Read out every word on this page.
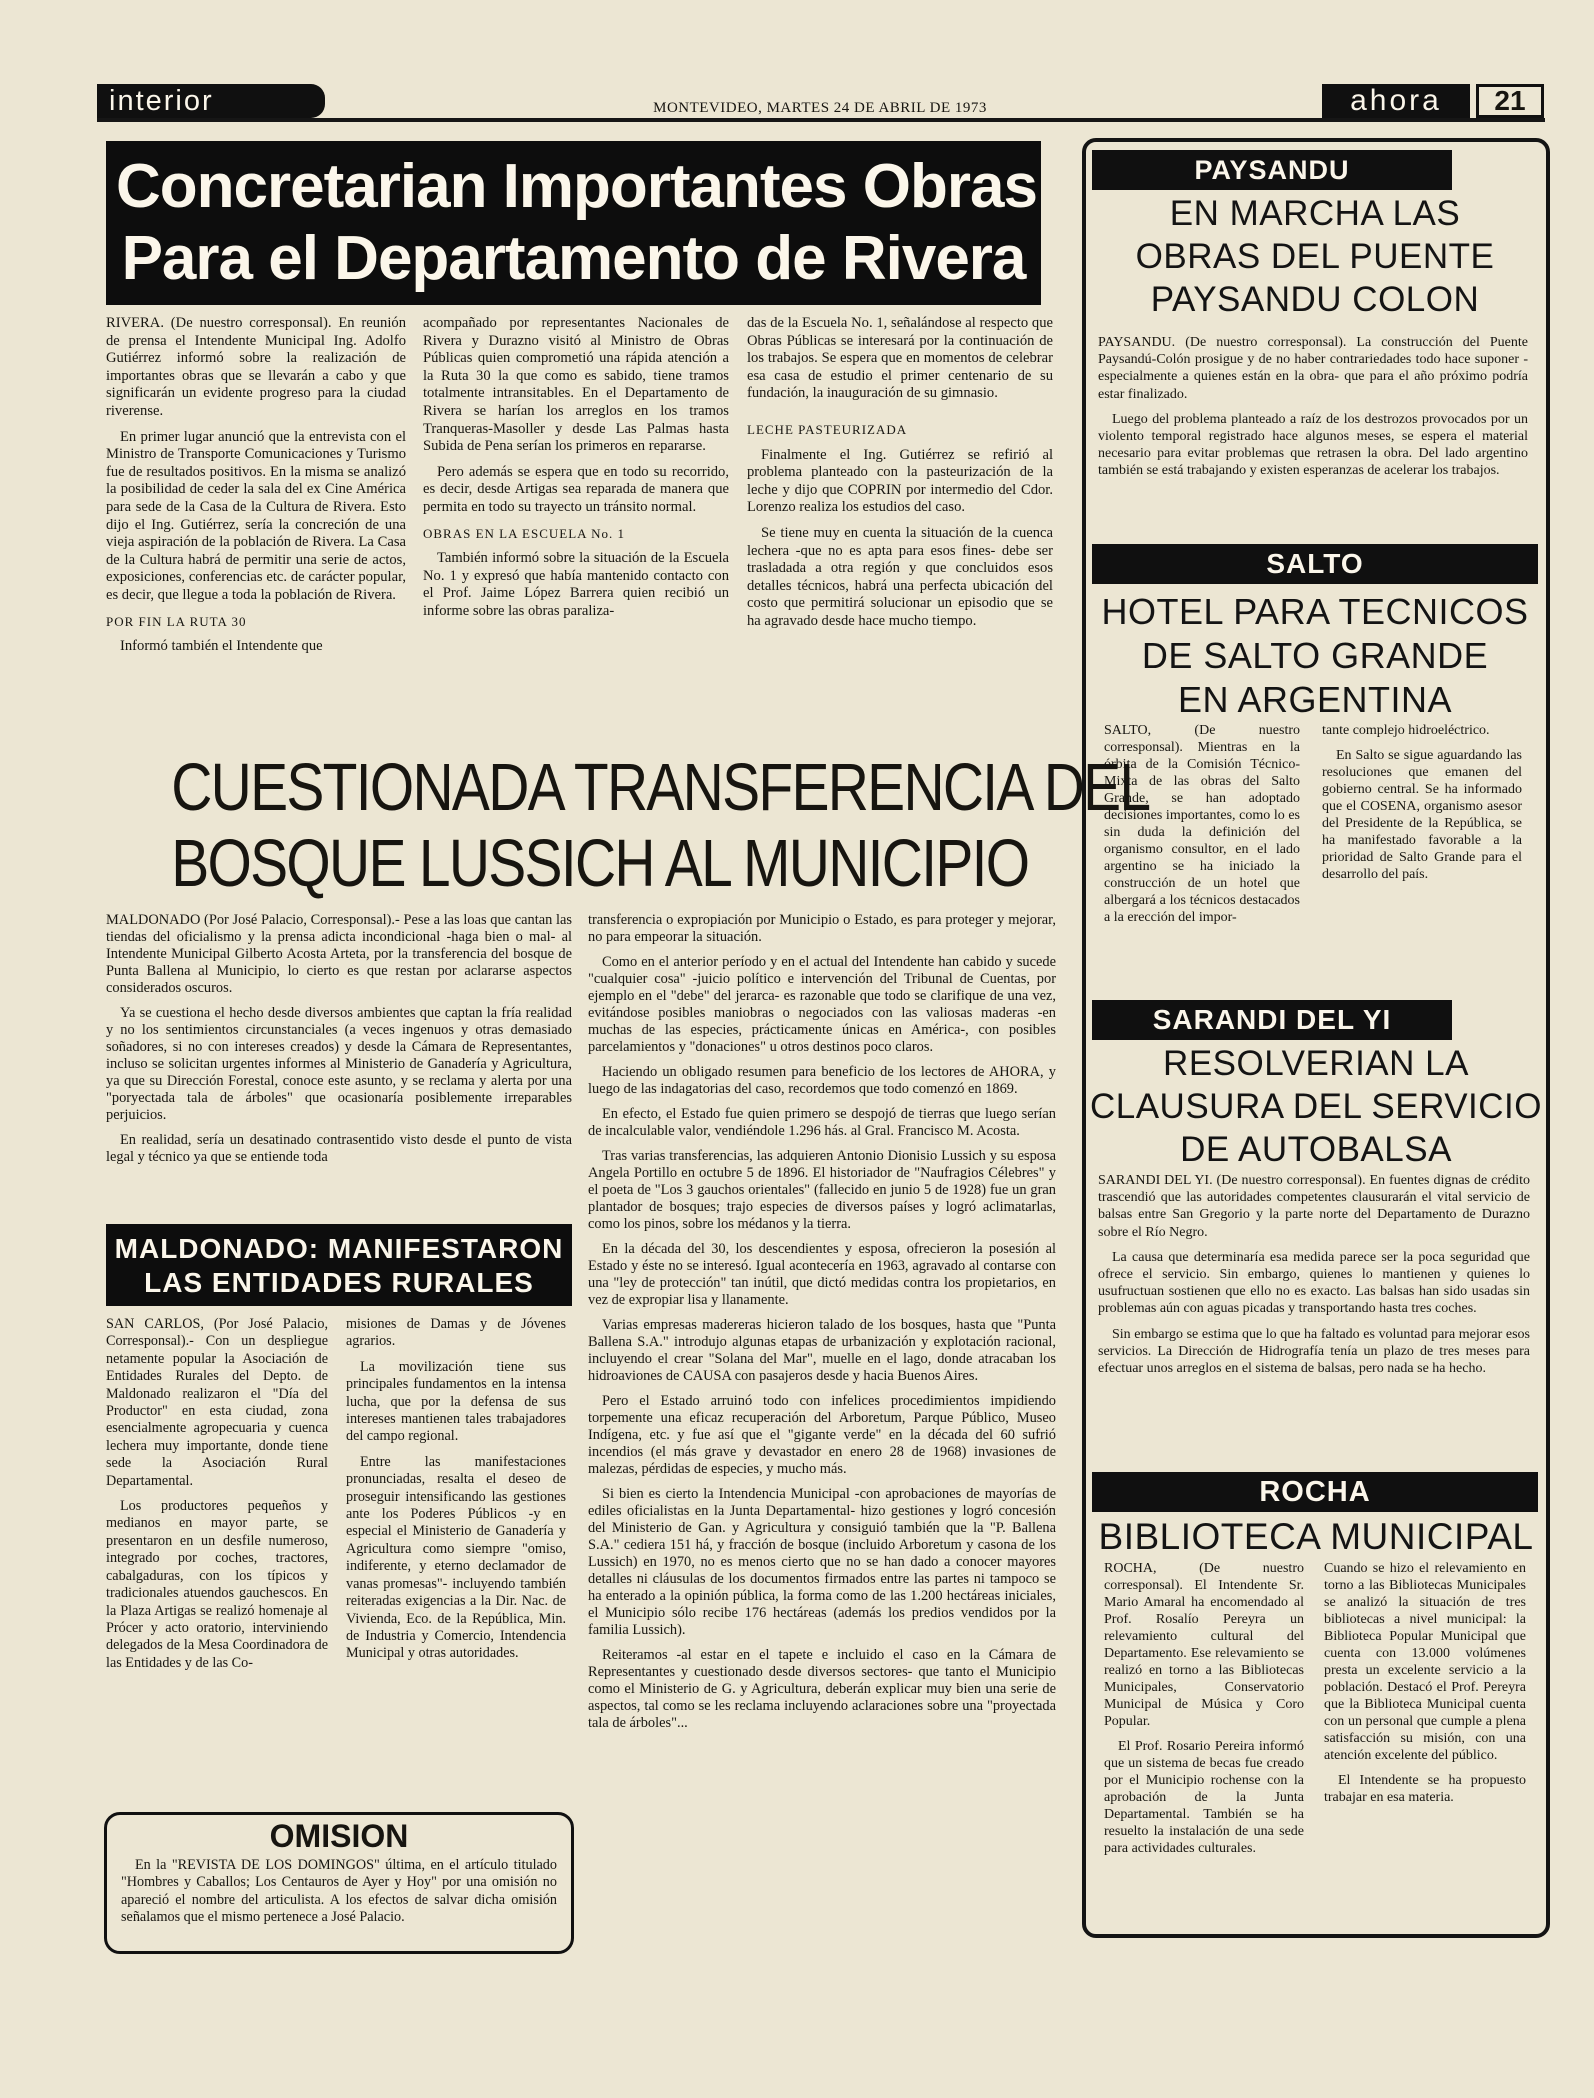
interior	MONTEVIDEO, MARTES 24 DE ABRIL DE 1973	ahora	21
Concretarian Importantes Obras
Para el Departamento de Rivera

RIVERA. (De nuestro corresponsal). En reunión de prensa el Intendente Municipal Ing. Adolfo Gutiérrez informó sobre la realización de importantes obras que se llevarán a cabo y que significarán un evidente progreso para la ciudad riverense.

En primer lugar anunció que la entrevista con el Ministro de Transporte Comunicaciones y Turismo fue de resultados positivos. En la misma se analizó la posibilidad de ceder la sala del ex Cine América para sede de la Casa de la Cultura de Rivera. Esto dijo el Ing. Gutiérrez, sería la concreción de una vieja aspiración de la población de Rivera. La Casa de la Cultura habrá de permitir una serie de actos, exposiciones, conferencias etc. de carácter popular, es decir, que llegue a toda la población de Rivera.

POR FIN LA RUTA 30

Informó también el Intendente que

acompañado por representantes Nacionales de Rivera y Durazno visitó al Ministro de Obras Públicas quien comprometió una rápida atención a la Ruta 30 la que como es sabido, tiene tramos totalmente intransitables. En el Departamento de Rivera se harían los arreglos en los tramos Tranqueras-Masoller y desde Las Palmas hasta Subida de Pena serían los primeros en repararse.

Pero además se espera que en todo su recorrido, es decir, desde Artigas sea reparada de manera que permita en todo su trayecto un tránsito normal.

OBRAS EN LA ESCUELA No. 1

También informó sobre la situación de la Escuela No. 1 y expresó que había mantenido contacto con el Prof. Jaime López Barrera quien recibió un informe sobre las obras paraliza-

das de la Escuela No. 1, señalándose al respecto que Obras Públicas se interesará por la continuación de los trabajos. Se espera que en momentos de celebrar esa casa de estudio el primer centenario de su fundación, la inauguración de su gimnasio.

LECHE PASTEURIZADA

Finalmente el Ing. Gutiérrez se refirió al problema planteado con la pasteurización de la leche y dijo que COPRIN por intermedio del Cdor. Lorenzo realiza los estudios del caso.

Se tiene muy en cuenta la situación de la cuenca lechera -que no es apta para esos fines- debe ser trasladada a otra región y que concluidos esos detalles técnicos, habrá una perfecta ubicación del costo que permitirá solucionar un episodio que se ha agravado desde hace mucho tiempo.

CUESTIONADA TRANSFERENCIA DEL
BOSQUE LUSSICH AL MUNICIPIO

MALDONADO (Por José Palacio, Corresponsal).- Pese a las loas que cantan las tiendas del oficialismo y la prensa adicta incondicional -haga bien o mal- al Intendente Municipal Gilberto Acosta Arteta, por la transferencia del bosque de Punta Ballena al Municipio, lo cierto es que restan por aclararse aspectos considerados oscuros.

Ya se cuestiona el hecho desde diversos ambientes que captan la fría realidad y no los sentimientos circunstanciales (a veces ingenuos y otras demasiado soñadores, si no con intereses creados) y desde la Cámara de Representantes, incluso se solicitan urgentes informes al Ministerio de Ganadería y Agricultura, ya que su Dirección Forestal, conoce este asunto, y se reclama y alerta por una "poryectada tala de árboles" que ocasionaría posiblemente irreparables perjuicios.

En realidad, sería un desatinado contrasentido visto desde el punto de vista legal y técnico ya que se entiende toda

transferencia o expropiación por Municipio o Estado, es para proteger y mejorar, no para empeorar la situación.

Como en el anterior período y en el actual del Intendente han cabido y sucede "cualquier cosa" -juicio político e intervención del Tribunal de Cuentas, por ejemplo en el "debe" del jerarca- es razonable que todo se clarifique de una vez, evitándose posibles maniobras o negociados con las valiosas maderas -en muchas de las especies, prácticamente únicas en América-, con posibles parcelamientos y "donaciones" u otros destinos poco claros.

Haciendo un obligado resumen para beneficio de los lectores de AHORA, y luego de las indagatorias del caso, recordemos que todo comenzó en 1869.

En efecto, el Estado fue quien primero se despojó de tierras que luego serían de incalculable valor, vendiéndole 1.296 hás. al Gral. Francisco M. Acosta.

Tras varias transferencias, las adquieren Antonio Dionisio Lussich y su esposa Angela Portillo en octubre 5 de 1896. El historiador de "Naufragios Célebres" y el poeta de "Los 3 gauchos orientales" (fallecido en junio 5 de 1928) fue un gran plantador de bosques; trajo especies de diversos países y logró aclimatarlas, como los pinos, sobre los médanos y la tierra.

En la década del 30, los descendientes y esposa, ofrecieron la posesión al Estado y éste no se interesó. Igual acontecería en 1963, agravado al contarse con una "ley de protección" tan inútil, que dictó medidas contra los propietarios, en vez de expropiar lisa y llanamente.

Varias empresas madereras hicieron talado de los bosques, hasta que "Punta Ballena S.A." introdujo algunas etapas de urbanización y explotación racional, incluyendo el crear "Solana del Mar", muelle en el lago, donde atracaban los hidroaviones de CAUSA con pasajeros desde y hacia Buenos Aires.

Pero el Estado arruinó todo con infelices procedimientos impidiendo torpemente una eficaz recuperación del Arboretum, Parque Público, Museo Indígena, etc. y fue así que el "gigante verde" en la década del 60 sufrió incendios (el más grave y devastador en enero 28 de 1968) invasiones de malezas, pérdidas de especies, y mucho más.

Si bien es cierto la Intendencia Municipal -con aprobaciones de mayorías de ediles oficialistas en la Junta Departamental- hizo gestiones y logró concesión del Ministerio de Gan. y Agricultura y consiguió también que la "P. Ballena S.A." cediera 151 há, y fracción de bosque (incluido Arboretum y casona de los Lussich) en 1970, no es menos cierto que no se han dado a conocer mayores detalles ni cláusulas de los documentos firmados entre las partes ni tampoco se ha enterado a la opinión pública, la forma como de las 1.200 hectáreas iniciales, el Municipio sólo recibe 176 hectáreas (además los predios vendidos por la familia Lussich).

Reiteramos -al estar en el tapete e incluido el caso en la Cámara de Representantes y cuestionado desde diversos sectores- que tanto el Municipio como el Ministerio de G. y Agricultura, deberán explicar muy bien una serie de aspectos, tal como se les reclama incluyendo aclaraciones sobre una "proyectada tala de árboles"...

MALDONADO: MANIFESTARON
LAS ENTIDADES RURALES

SAN CARLOS, (Por José Palacio, Corresponsal).- Con un despliegue netamente popular la Asociación de Entidades Rurales del Depto. de Maldonado realizaron el "Día del Productor" en esta ciudad, zona esencialmente agropecuaria y cuenca lechera muy importante, donde tiene sede la Asociación Rural Departamental.

Los productores pequeños y medianos en mayor parte, se presentaron en un desfile numeroso, integrado por coches, tractores, cabalgaduras, con los típicos y tradicionales atuendos gauchescos. En la Plaza Artigas se realizó homenaje al Prócer y acto oratorio, interviniendo delegados de la Mesa Coordinadora de las Entidades y de las Co-

misiones de Damas y de Jóvenes agrarios.

La movilización tiene sus principales fundamentos en la intensa lucha, que por la defensa de sus intereses mantienen tales trabajadores del campo regional.

Entre las manifestaciones pronunciadas, resalta el deseo de proseguir intensificando las gestiones ante los Poderes Públicos -y en especial el Ministerio de Ganadería y Agricultura como siempre "omiso, indiferente, y eterno declamador de vanas promesas"- incluyendo también reiteradas exigencias a la Dir. Nac. de Vivienda, Eco. de la República, Min. de Industria y Comercio, Intendencia Municipal y otras autoridades.

OMISION
En la "REVISTA DE LOS DOMINGOS" última, en el artículo titulado "Hombres y Caballos; Los Centauros de Ayer y Hoy" por una omisión no apareció el nombre del articulista. A los efectos de salvar dicha omisión señalamos que el mismo pertenece a José Palacio.
PAYSANDU
EN MARCHA LAS
OBRAS DEL PUENTE
PAYSANDU COLON

PAYSANDU. (De nuestro corresponsal). La construcción del Puente Paysandú-Colón prosigue y de no haber contrariedades todo hace suponer -especialmente a quienes están en la obra- que para el año próximo podría estar finalizado.

Luego del problema planteado a raíz de los destrozos provocados por un violento temporal registrado hace algunos meses, se espera el material necesario para evitar problemas que retrasen la obra. Del lado argentino también se está trabajando y existen esperanzas de acelerar los trabajos.

SALTO
HOTEL PARA TECNICOS
DE SALTO GRANDE
EN ARGENTINA

SALTO, (De nuestro corresponsal). Mientras en la órbita de la Comisión Técnico-Mixta de las obras del Salto Grande, se han adoptado decisiones importantes, como lo es sin duda la definición del organismo consultor, en el lado argentino se ha iniciado la construcción de un hotel que albergará a los técnicos destacados a la erección del impor-

tante complejo hidroeléctrico.

En Salto se sigue aguardando las resoluciones que emanen del gobierno central. Se ha informado que el COSENA, organismo asesor del Presidente de la República, se ha manifestado favorable a la prioridad de Salto Grande para el desarrollo del país.

SARANDI DEL YI
RESOLVERIAN LA
CLAUSURA DEL SERVICIO
DE AUTOBALSA

SARANDI DEL YI. (De nuestro corresponsal). En fuentes dignas de crédito trascendió que las autoridades competentes clausurarán el vital servicio de balsas entre San Gregorio y la parte norte del Departamento de Durazno sobre el Río Negro.

La causa que determinaría esa medida parece ser la poca seguridad que ofrece el servicio. Sin embargo, quienes lo mantienen y quienes lo usufructuan sostienen que ello no es exacto. Las balsas han sido usadas sin problemas aún con aguas picadas y transportando hasta tres coches.

Sin embargo se estima que lo que ha faltado es voluntad para mejorar esos servicios. La Dirección de Hidrografía tenía un plazo de tres meses para efectuar unos arreglos en el sistema de balsas, pero nada se ha hecho.

ROCHA
BIBLIOTECA MUNICIPAL

ROCHA, (De nuestro corresponsal). El Intendente Sr. Mario Amaral ha encomendado al Prof. Rosalío Pereyra un relevamiento cultural del Departamento. Ese relevamiento se realizó en torno a las Bibliotecas Municipales, Conservatorio Municipal de Música y Coro Popular.

El Prof. Rosario Pereira informó que un sistema de becas fue creado por el Municipio rochense con la aprobación de la Junta Departamental. También se ha resuelto la instalación de una sede para actividades culturales.

Cuando se hizo el relevamiento en torno a las Bibliotecas Municipales se analizó la situación de tres bibliotecas a nivel municipal: la Biblioteca Popular Municipal que cuenta con 13.000 volúmenes presta un excelente servicio a la población. Destacó el Prof. Pereyra que la Biblioteca Municipal cuenta con un personal que cumple a plena satisfacción su misión, con una atención excelente del público.

El Intendente se ha propuesto trabajar en esa materia.
